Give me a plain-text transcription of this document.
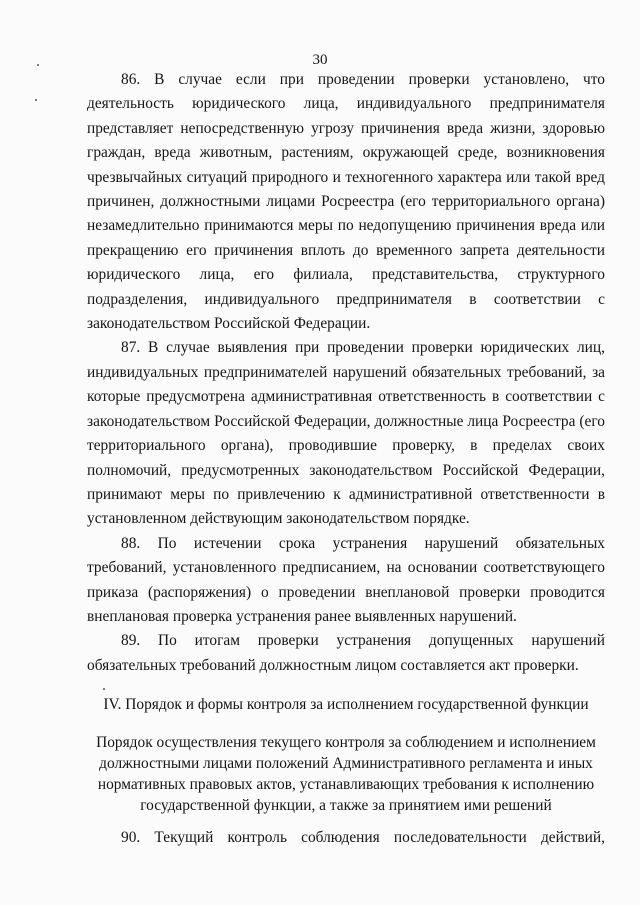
30

86. В случае если при проведении проверки установлено, что деятельность юридического лица, индивидуального предпринимателя представляет непосредственную угрозу причинения вреда жизни, здоровью граждан, вреда животным, растениям, окружающей среде, возникновения чрезвычайных ситуаций природного и техногенного характера или такой вред причинен, должностными лицами Росреестра (его территориального органа) незамедлительно принимаются меры по недопущению причинения вреда или прекращению его причинения вплоть до временного запрета деятельности юридического лица, его филиала, представительства, структурного подразделения, индивидуального предпринимателя в соответствии с законодательством Российской Федерации.

87. В случае выявления при проведении проверки юридических лиц, индивидуальных предпринимателей нарушений обязательных требований, за которые предусмотрена административная ответственность в соответствии с законодательством Российской Федерации, должностные лица Росреестра (его территориального органа), проводившие проверку, в пределах своих полномочий, предусмотренных законодательством Российской Федерации, принимают меры по привлечению к административной ответственности в установленном действующим законодательством порядке.

88. По истечении срока устранения нарушений обязательных требований, установленного предписанием, на основании соответствующего приказа (распоряжения) о проведении внеплановой проверки проводится внеплановая проверка устранения ранее выявленных нарушений.

89. По итогам проверки устранения допущенных нарушений обязательных требований должностным лицом составляется акт проверки.

IV. Порядок и формы контроля за исполнением государственной функции

Порядок осуществления текущего контроля за соблюдением и исполнением
должностными лицами положений Административного регламента и иных
нормативных правовых актов, устанавливающих требования к исполнению
государственной функции, а также за принятием ими решений

90. Текущий контроль соблюдения последовательности действий,
